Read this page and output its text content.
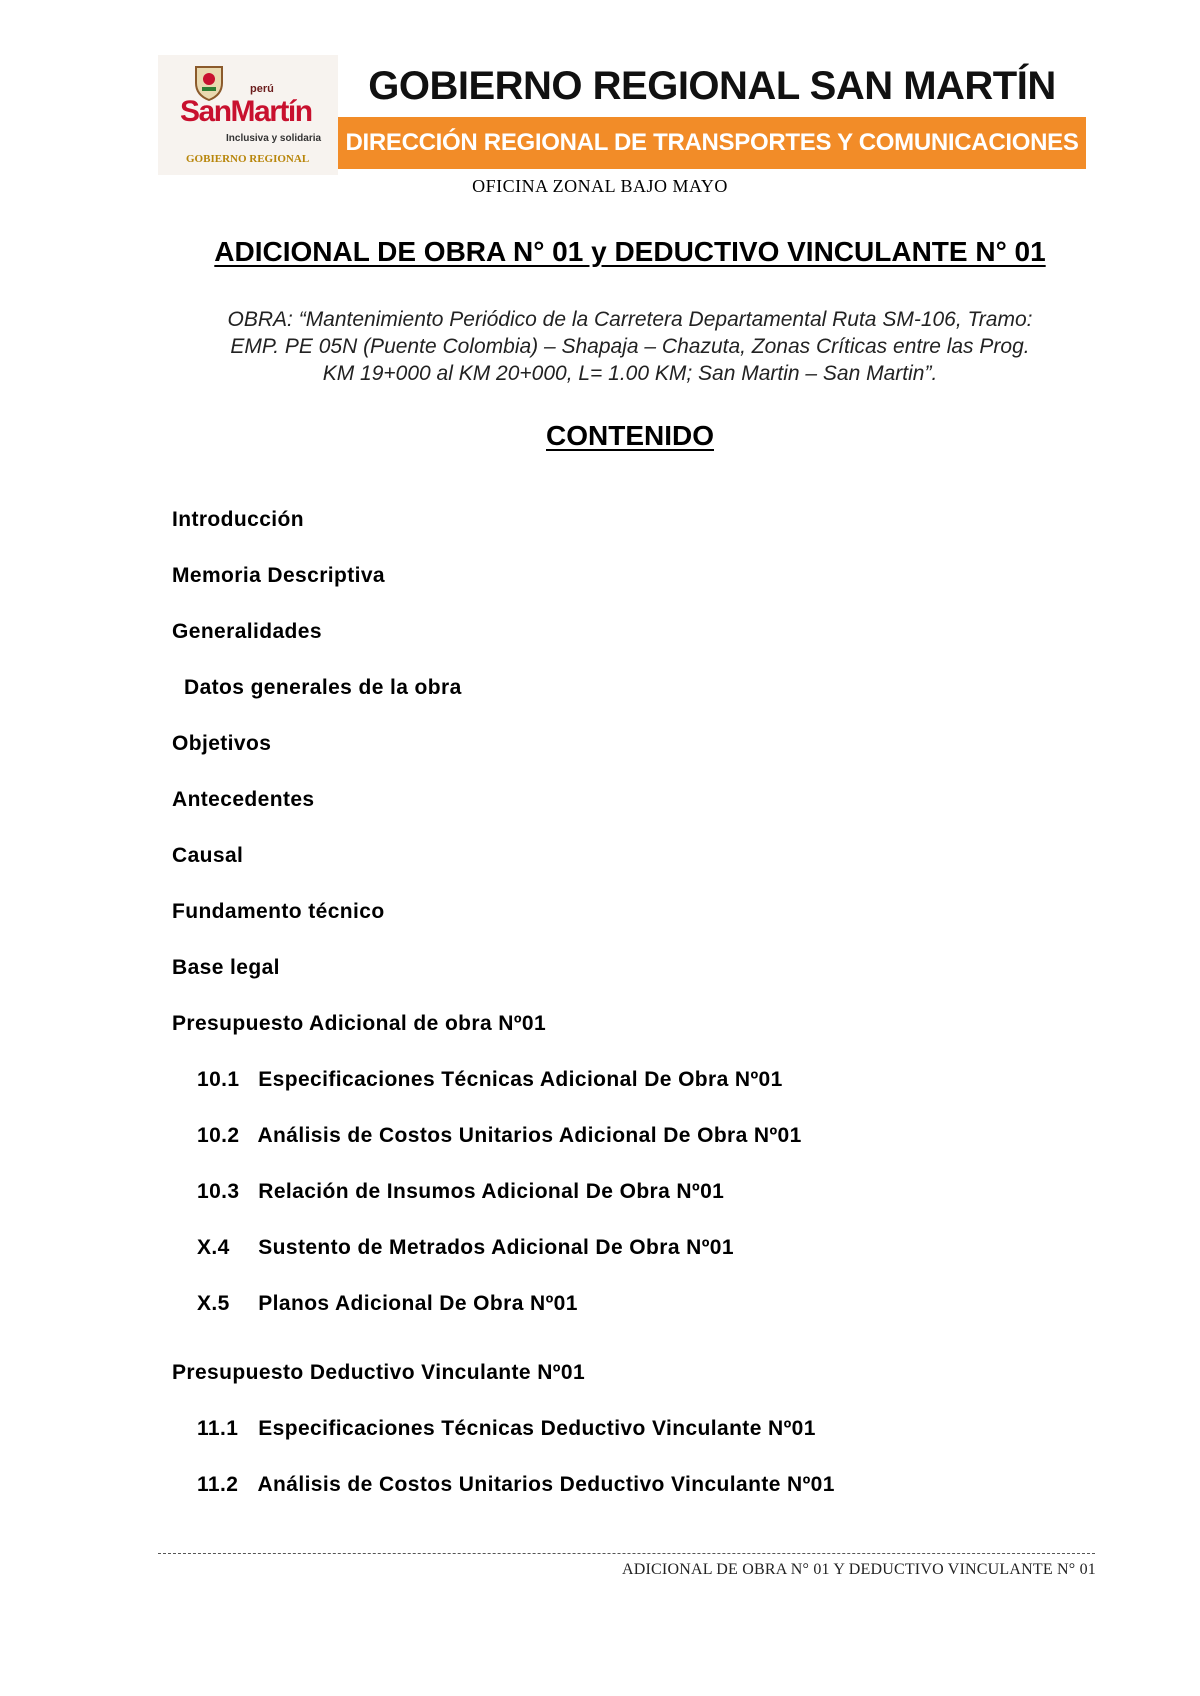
perú
SanMartín
Inclusiva y solidaria
GOBIERNO REGIONAL
GOBIERNO REGIONAL SAN MARTÍN
DIRECCIÓN REGIONAL DE TRANSPORTES Y COMUNICACIONES
OFICINA ZONAL BAJO MAYO
ADICIONAL DE OBRA N° 01 y DEDUCTIVO VINCULANTE N° 01
OBRA: “Mantenimiento Periódico de la Carretera Departamental Ruta SM-106, Tramo:
EMP. PE 05N (Puente Colombia) – Shapaja – Chazuta, Zonas Críticas entre las Prog.
KM 19+000 al KM 20+000, L= 1.00 KM; San Martin – San Martin”.
CONTENIDO
Introducción
Memoria Descriptiva
Generalidades
Datos generales de la obra
Objetivos
Antecedentes
Causal
Fundamento técnico
Base legal
Presupuesto Adicional de obra Nº01
10.1 Especificaciones Técnicas Adicional De Obra Nº01
10.2 Análisis de Costos Unitarios Adicional De Obra Nº01
10.3 Relación de Insumos Adicional De Obra Nº01
X.4 Sustento de Metrados Adicional De Obra Nº01
X.5 Planos Adicional De Obra Nº01
Presupuesto Deductivo Vinculante Nº01
11.1 Especificaciones Técnicas Deductivo Vinculante Nº01
11.2 Análisis de Costos Unitarios Deductivo Vinculante Nº01
ADICIONAL DE OBRA N° 01 Y DEDUCTIVO VINCULANTE N° 01
